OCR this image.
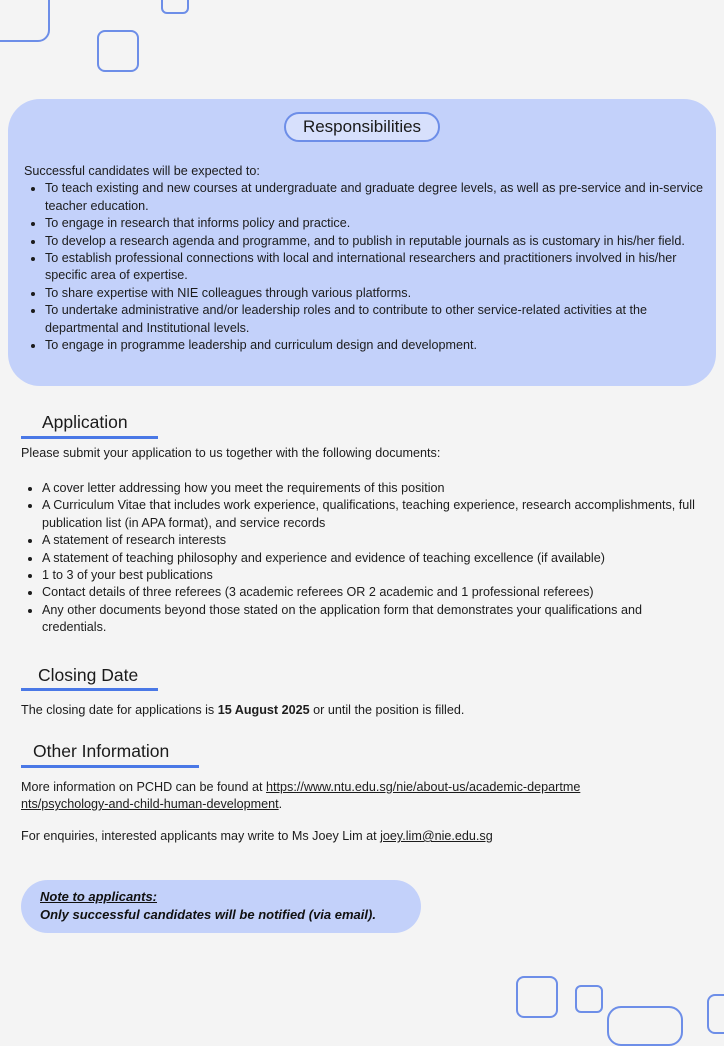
Responsibilities
Successful candidates will be expected to:
• To teach existing and new courses at undergraduate and graduate degree levels, as well as pre-service and in-service teacher education.
• To engage in research that informs policy and practice.
• To develop a research agenda and programme, and to publish in reputable journals as is customary in his/her field.
• To establish professional connections with local and international researchers and practitioners involved in his/her specific area of expertise.
• To share expertise with NIE colleagues through various platforms.
• To undertake administrative and/or leadership roles and to contribute to other service-related activities at the departmental and Institutional levels.
• To engage in programme leadership and curriculum design and development.
Application
Please submit your application to us together with the following documents:
• A cover letter addressing how you meet the requirements of this position
• A Curriculum Vitae that includes work experience, qualifications, teaching experience, research accomplishments, full publication list (in APA format), and service records
• A statement of research interests
• A statement of teaching philosophy and experience and evidence of teaching excellence (if available)
• 1 to 3 of your best publications
• Contact details of three referees (3 academic referees OR 2 academic and 1 professional referees)
• Any other documents beyond those stated on the application form that demonstrates your qualifications and credentials.
Closing Date
The closing date for applications is 15 August 2025 or until the position is filled.
Other Information
More information on PCHD can be found at https://www.ntu.edu.sg/nie/about-us/academic-departments/psychology-and-child-human-development.
For enquiries, interested applicants may write to Ms Joey Lim at joey.lim@nie.edu.sg
Note to applicants:
Only successful candidates will be notified (via email).
